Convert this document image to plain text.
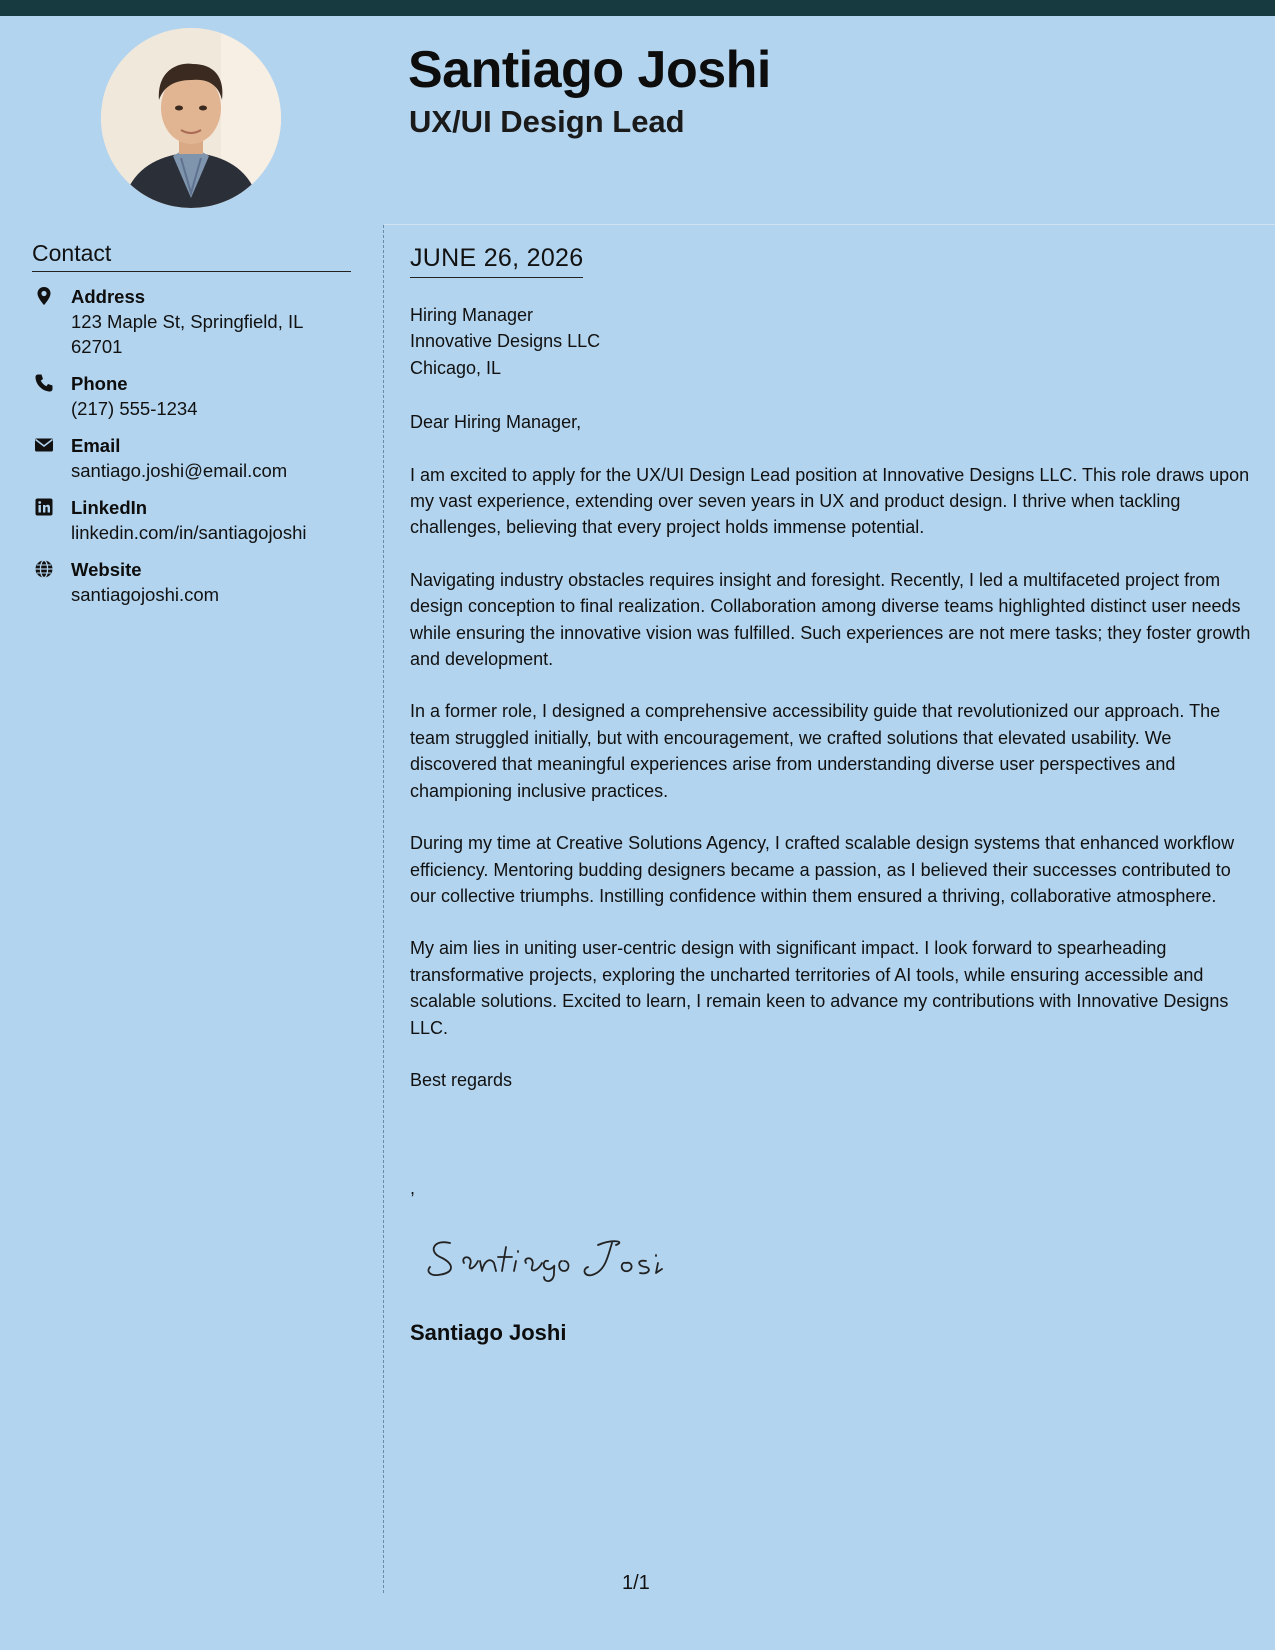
Santiago Joshi
UX/UI Design Lead
Contact
Address
123 Maple St, Springfield, IL 62701
Phone
(217) 555-1234
Email
santiago.joshi@email.com
LinkedIn
linkedin.com/in/santiagojoshi
Website
santiagojoshi.com
JUNE 26, 2026

Hiring Manager

Innovative Designs LLC

Chicago, IL

Dear Hiring Manager,

I am excited to apply for the UX/UI Design Lead position at Innovative Designs LLC. This role draws upon my vast experience, extending over seven years in UX and product design. I thrive when tackling challenges, believing that every project holds immense potential.

Navigating industry obstacles requires insight and foresight. Recently, I led a multifaceted project from design conception to final realization. Collaboration among diverse teams highlighted distinct user needs while ensuring the innovative vision was fulfilled. Such experiences are not mere tasks; they foster growth and development.

In a former role, I designed a comprehensive accessibility guide that revolutionized our approach. The team struggled initially, but with encouragement, we crafted solutions that elevated usability. We discovered that meaningful experiences arise from understanding diverse user perspectives and championing inclusive practices.

During my time at Creative Solutions Agency, I crafted scalable design systems that enhanced workflow efficiency. Mentoring budding designers became a passion, as I believed their successes contributed to our collective triumphs. Instilling confidence within them ensured a thriving, collaborative atmosphere.

My aim lies in uniting user-centric design with significant impact. I look forward to spearheading transformative projects, exploring the uncharted territories of AI tools, while ensuring accessible and scalable solutions. Excited to learn, I remain keen to advance my contributions with Innovative Designs LLC.

Best regards

,
Santiago Joshi
1/1
